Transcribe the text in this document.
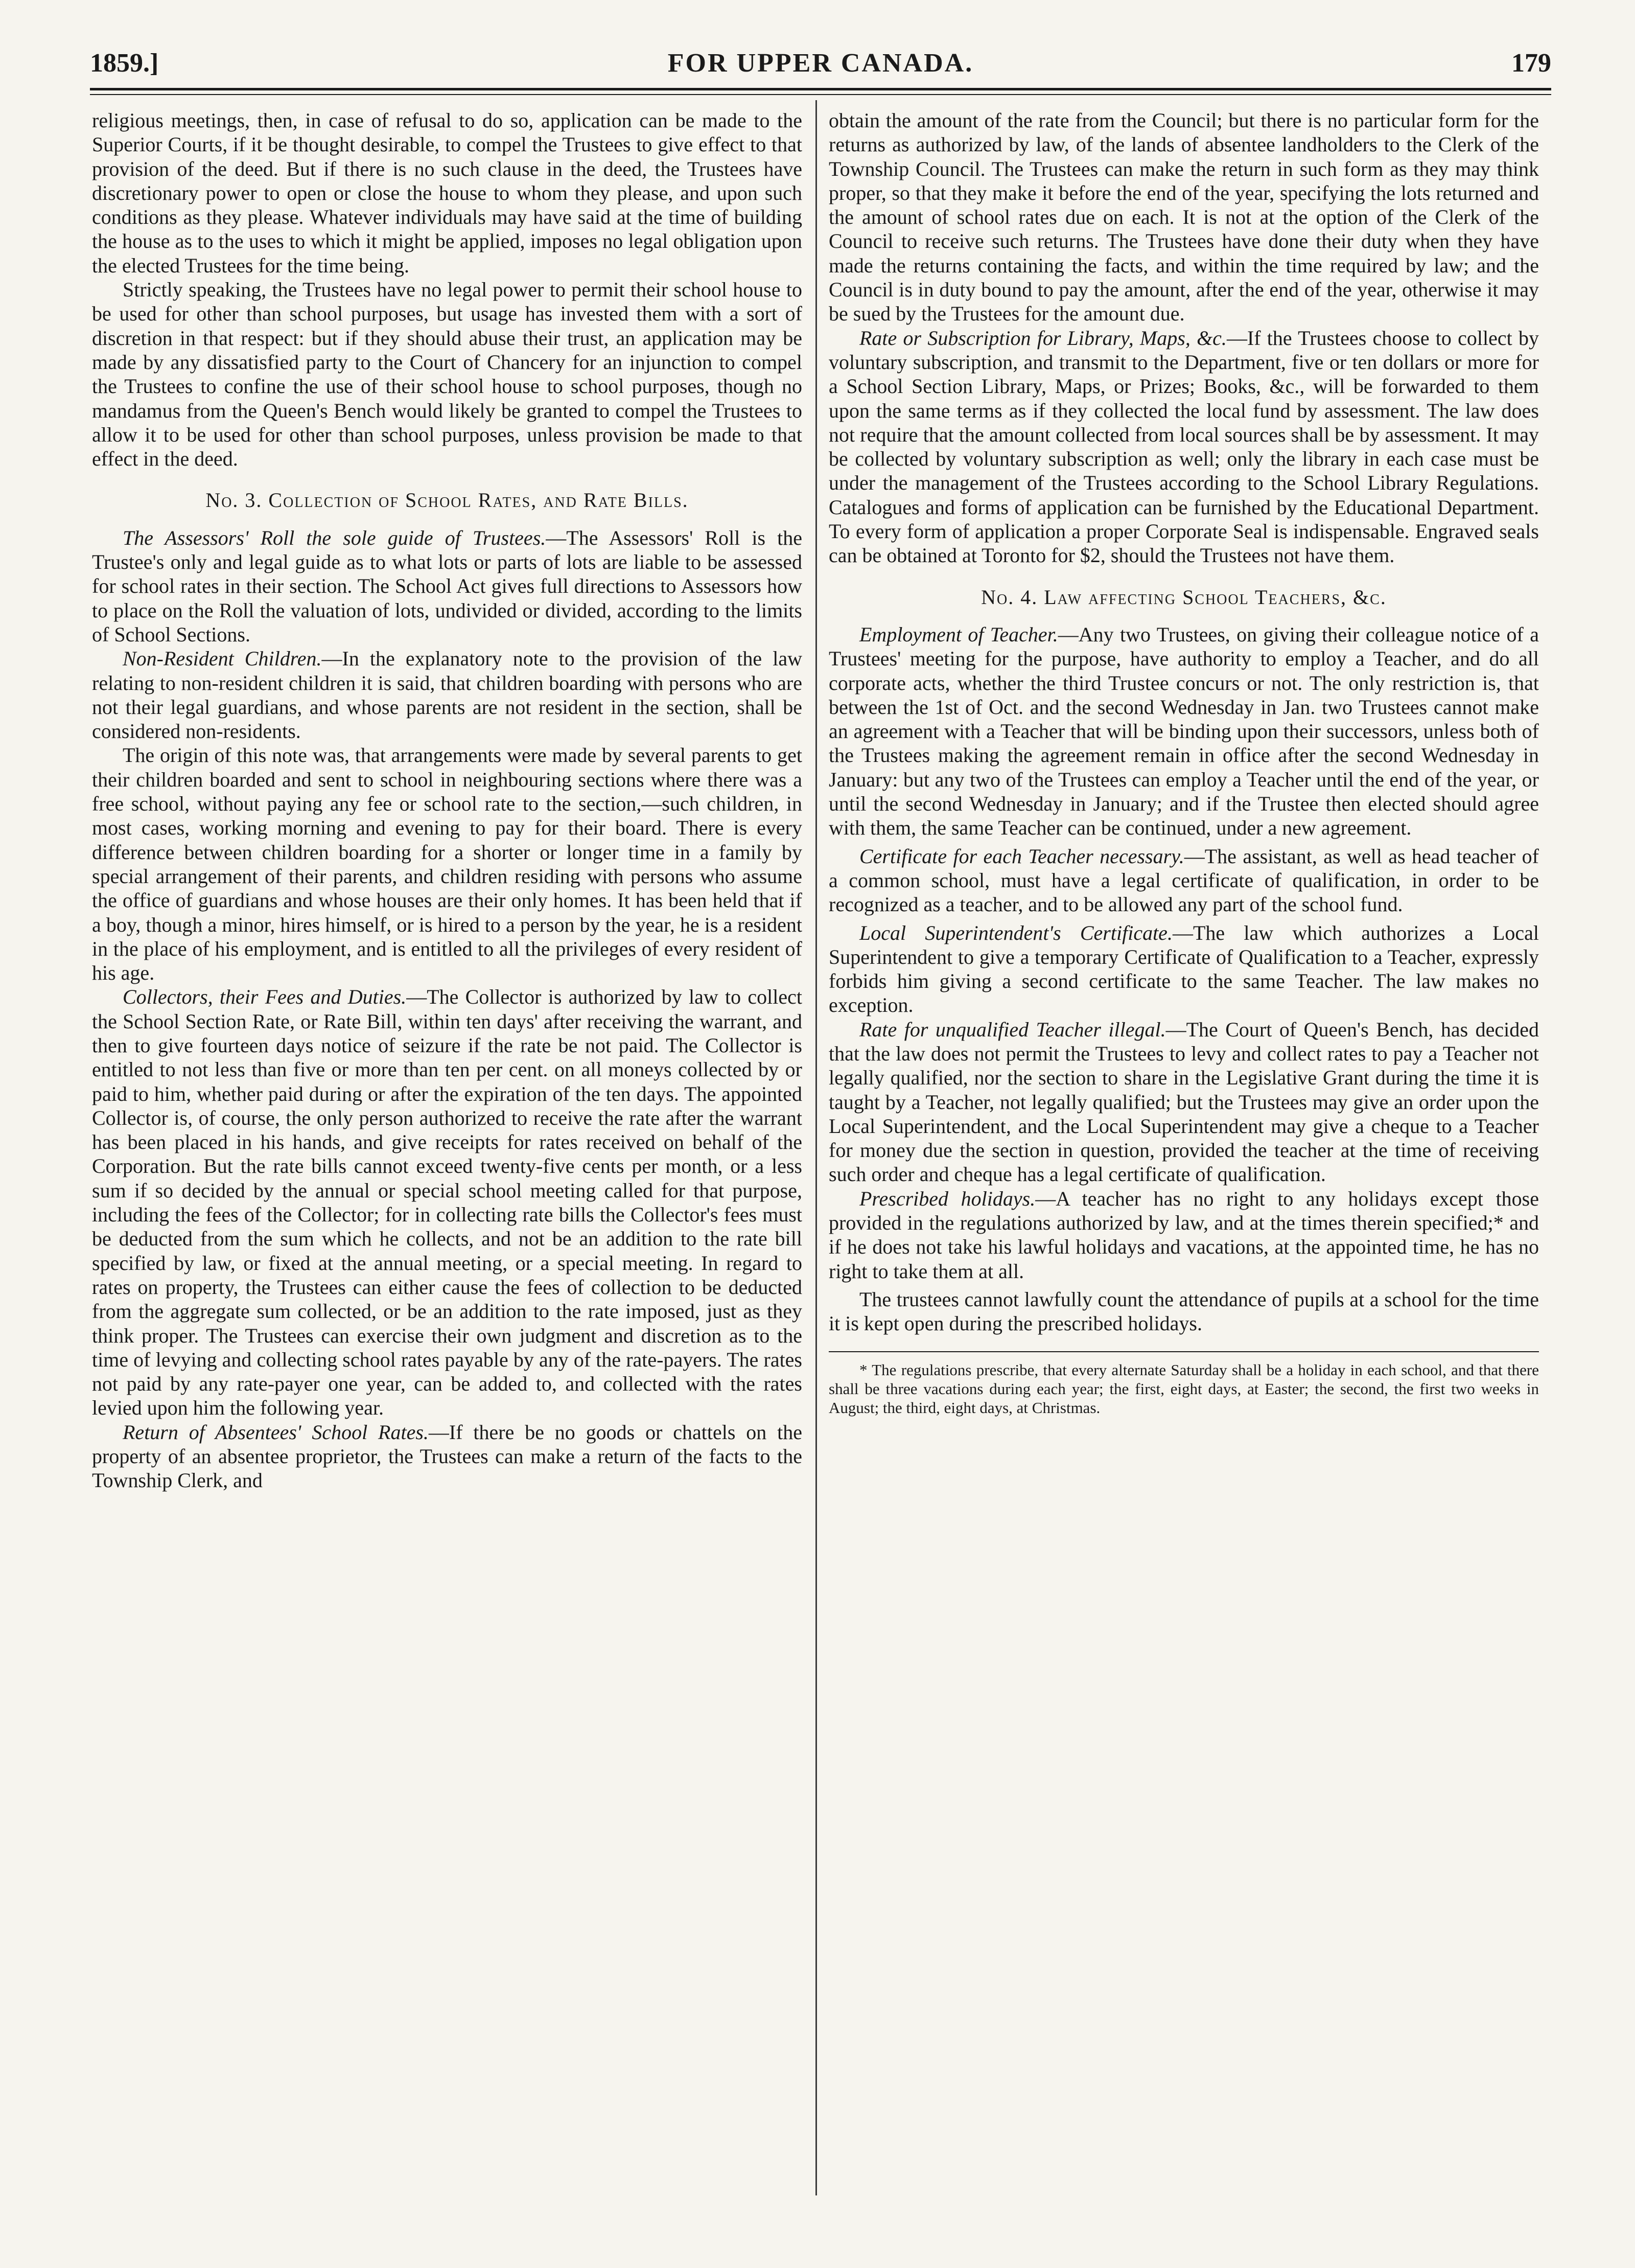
1859.]	FOR UPPER CANADA.	179

religious meetings, then, in case of refusal to do so, application can be made to the Superior Courts, if it be thought desirable, to compel the Trustees to give effect to that provision of the deed. But if there is no such clause in the deed, the Trustees have discretionary power to open or close the house to whom they please, and upon such conditions as they please. Whatever individuals may have said at the time of building the house as to the uses to which it might be applied, imposes no legal obligation upon the elected Trustees for the time being.

Strictly speaking, the Trustees have no legal power to permit their school house to be used for other than school purposes, but usage has invested them with a sort of discretion in that respect: but if they should abuse their trust, an application may be made by any dissatisfied party to the Court of Chancery for an injunction to compel the Trustees to confine the use of their school house to school purposes, though no mandamus from the Queen's Bench would likely be granted to compel the Trustees to allow it to be used for other than school purposes, unless provision be made to that effect in the deed.

No. 3. Collection of School Rates, and Rate Bills.

The Assessors' Roll the sole guide of Trustees.—The Assessors' Roll is the Trustee's only and legal guide as to what lots or parts of lots are liable to be assessed for school rates in their section. The School Act gives full directions to Assessors how to place on the Roll the valuation of lots, undivided or divided, according to the limits of School Sections.

Non-Resident Children.—In the explanatory note to the provision of the law relating to non-resident children it is said, that children boarding with persons who are not their legal guardians, and whose parents are not resident in the section, shall be considered non-residents.

The origin of this note was, that arrangements were made by several parents to get their children boarded and sent to school in neighbouring sections where there was a free school, without paying any fee or school rate to the section,—such children, in most cases, working morning and evening to pay for their board. There is every difference between children boarding for a shorter or longer time in a family by special arrangement of their parents, and children residing with persons who assume the office of guardians and whose houses are their only homes. It has been held that if a boy, though a minor, hires himself, or is hired to a person by the year, he is a resident in the place of his employment, and is entitled to all the privileges of every resident of his age.

Collectors, their Fees and Duties.—The Collector is authorized by law to collect the School Section Rate, or Rate Bill, within ten days' after receiving the warrant, and then to give fourteen days notice of seizure if the rate be not paid. The Collector is entitled to not less than five or more than ten per cent. on all moneys collected by or paid to him, whether paid during or after the expiration of the ten days. The appointed Collector is, of course, the only person authorized to receive the rate after the warrant has been placed in his hands, and give receipts for rates received on behalf of the Corporation. But the rate bills cannot exceed twenty-five cents per month, or a less sum if so decided by the annual or special school meeting called for that purpose, including the fees of the Collector; for in collecting rate bills the Collector's fees must be deducted from the sum which he collects, and not be an addition to the rate bill specified by law, or fixed at the annual meeting, or a special meeting. In regard to rates on property, the Trustees can either cause the fees of collection to be deducted from the aggregate sum collected, or be an addition to the rate imposed, just as they think proper. The Trustees can exercise their own judgment and discretion as to the time of levying and collecting school rates payable by any of the rate-payers. The rates not paid by any rate-payer one year, can be added to, and collected with the rates levied upon him the following year.

Return of Absentees' School Rates.—If there be no goods or chattels on the property of an absentee proprietor, the Trustees can make a return of the facts to the Township Clerk, and

obtain the amount of the rate from the Council; but there is no particular form for the returns as authorized by law, of the lands of absentee landholders to the Clerk of the Township Council. The Trustees can make the return in such form as they may think proper, so that they make it before the end of the year, specifying the lots returned and the amount of school rates due on each. It is not at the option of the Clerk of the Council to receive such returns. The Trustees have done their duty when they have made the returns containing the facts, and within the time required by law; and the Council is in duty bound to pay the amount, after the end of the year, otherwise it may be sued by the Trustees for the amount due.

Rate or Subscription for Library, Maps, &c.—If the Trustees choose to collect by voluntary subscription, and transmit to the Department, five or ten dollars or more for a School Section Library, Maps, or Prizes; Books, &c., will be forwarded to them upon the same terms as if they collected the local fund by assessment. The law does not require that the amount collected from local sources shall be by assessment. It may be collected by voluntary subscription as well; only the library in each case must be under the management of the Trustees according to the School Library Regulations. Catalogues and forms of application can be furnished by the Educational Department. To every form of application a proper Corporate Seal is indispensable. Engraved seals can be obtained at Toronto for $2, should the Trustees not have them.

No. 4. Law affecting School Teachers, &c.

Employment of Teacher.—Any two Trustees, on giving their colleague notice of a Trustees' meeting for the purpose, have authority to employ a Teacher, and do all corporate acts, whether the third Trustee concurs or not. The only restriction is, that between the 1st of Oct. and the second Wednesday in Jan. two Trustees cannot make an agreement with a Teacher that will be binding upon their successors, unless both of the Trustees making the agreement remain in office after the second Wednesday in January: but any two of the Trustees can employ a Teacher until the end of the year, or until the second Wednesday in January; and if the Trustee then elected should agree with them, the same Teacher can be continued, under a new agreement.

Certificate for each Teacher necessary.—The assistant, as well as head teacher of a common school, must have a legal certificate of qualification, in order to be recognized as a teacher, and to be allowed any part of the school fund.

Local Superintendent's Certificate.—The law which authorizes a Local Superintendent to give a temporary Certificate of Qualification to a Teacher, expressly forbids him giving a second certificate to the same Teacher. The law makes no exception.

Rate for unqualified Teacher illegal.—The Court of Queen's Bench, has decided that the law does not permit the Trustees to levy and collect rates to pay a Teacher not legally qualified, nor the section to share in the Legislative Grant during the time it is taught by a Teacher, not legally qualified; but the Trustees may give an order upon the Local Superintendent, and the Local Superintendent may give a cheque to a Teacher for money due the section in question, provided the teacher at the time of receiving such order and cheque has a legal certificate of qualification.

Prescribed holidays.—A teacher has no right to any holidays except those provided in the regulations authorized by law, and at the times therein specified;* and if he does not take his lawful holidays and vacations, at the appointed time, he has no right to take them at all.

The trustees cannot lawfully count the attendance of pupils at a school for the time it is kept open during the prescribed holidays.

* The regulations prescribe, that every alternate Saturday shall be a holiday in each school, and that there shall be three vacations during each year; the first, eight days, at Easter; the second, the first two weeks in August; the third, eight days, at Christmas.
